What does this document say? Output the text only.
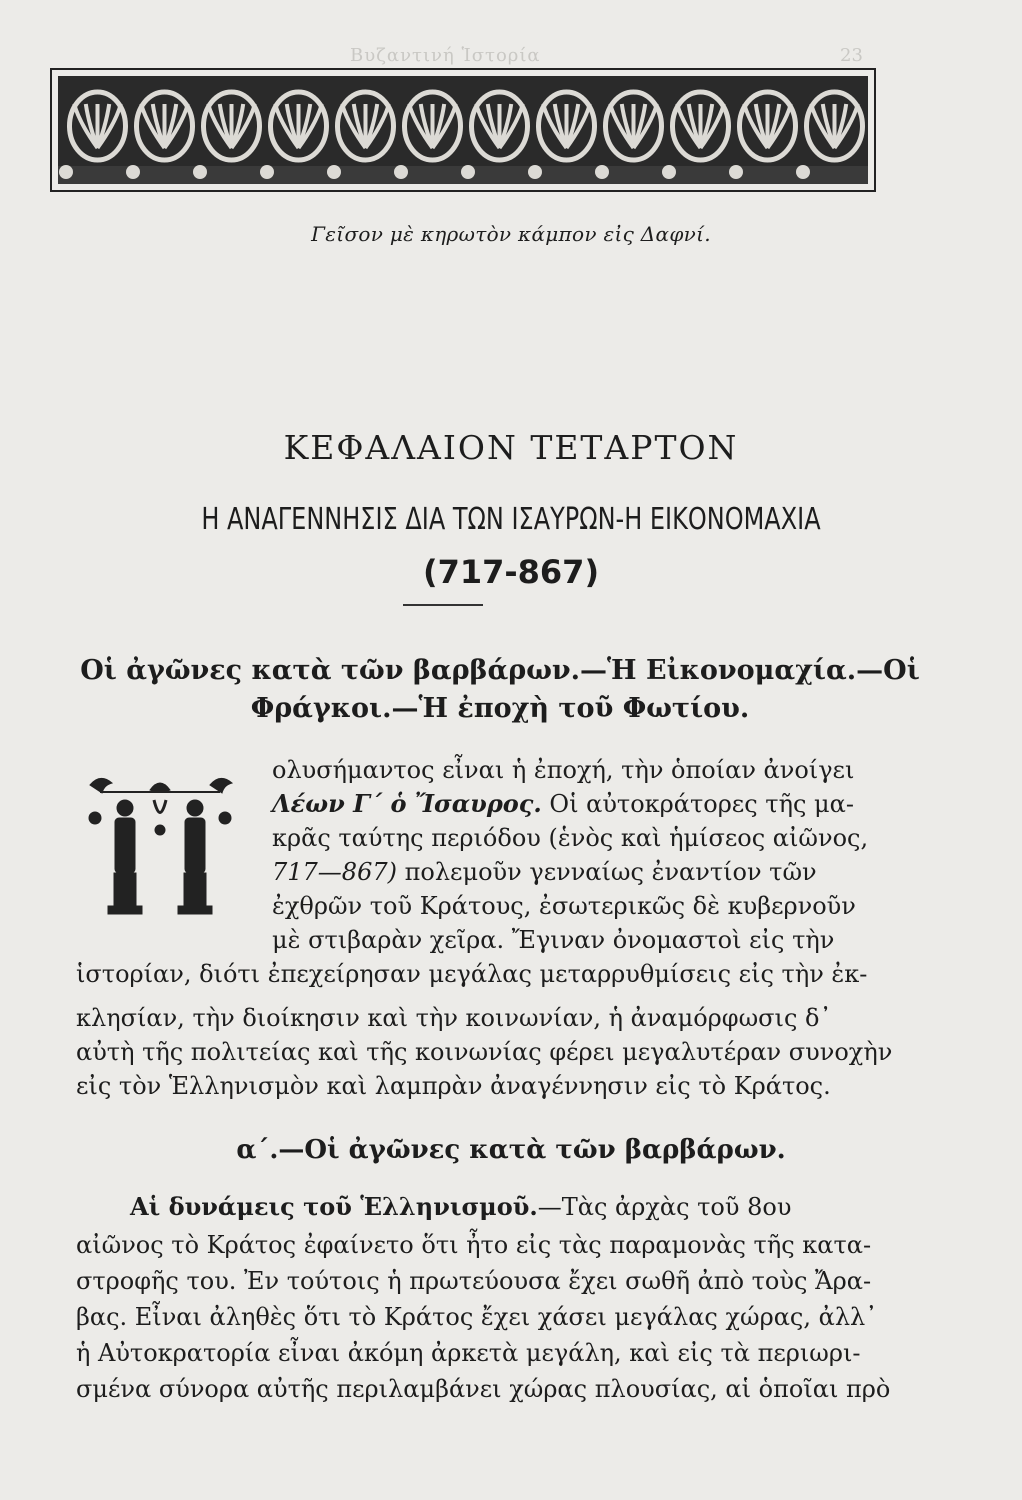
Βυζαντινή Ἱστορία	23
Γεῖσον μὲ κηρωτὸν κάμπον εἰς Δαφνί.
ΚΕΦΑΛΑΙΟΝ ΤΕΤΑΡΤΟΝ
Η ΑΝΑΓΕΝΝΗΣΙΣ ΔΙΑ ΤΩΝ ΙΣΑΥΡΩΝ-Η ΕΙΚΟΝΟΜΑΧΙΑ
(717-867)
Οἱ ἀγῶνες κατὰ τῶν βαρβάρων.—Ἡ Εἰκονομαχία.—Οἱ
Φράγκοι.—Ἡ ἐποχὴ τοῦ Φωτίου.
ολυσήμαντος εἶναι ἡ ἐποχή, τὴν ὁποίαν ἀνοίγει
Λέων Γ΄ ὁ Ἴσαυρος. Οἱ αὐτοκράτορες τῆς μα-
κρᾶς ταύτης περιόδου (ἑνὸς καὶ ἡμίσεος αἰῶνος,
717—867) πολεμοῦν γενναίως ἐναντίον τῶν
ἐχθρῶν τοῦ Κράτους, ἐσωτερικῶς δὲ κυβερνοῦν
μὲ στιβαρὰν χεῖρα. Ἔγιναν ὀνομαστοὶ εἰς τὴν
ἱστορίαν, διότι ἐπεχείρησαν μεγάλας μεταρρυθμίσεις εἰς τὴν ἐκ-
κλησίαν, τὴν διοίκησιν καὶ τὴν κοινωνίαν, ἡ ἀναμόρφωσις δ᾽
αὐτὴ τῆς πολιτείας καὶ τῆς κοινωνίας φέρει μεγαλυτέραν συνοχὴν
εἰς τὸν Ἑλληνισμὸν καὶ λαμπρὰν ἀναγέννησιν εἰς τὸ Κράτος.
α΄.—Οἱ ἀγῶνες κατὰ τῶν βαρβάρων.
Αἱ δυνάμεις τοῦ Ἑλληνισμοῦ.—Τὰς ἀρχὰς τοῦ 8ου
αἰῶνος τὸ Κράτος ἐφαίνετο ὅτι ἦτο εἰς τὰς παραμονὰς τῆς κατα-
στροφῆς του. Ἐν τούτοις ἡ πρωτεύουσα ἔχει σωθῆ ἀπὸ τοὺς Ἄρα-
βας. Εἶναι ἀληθὲς ὅτι τὸ Κράτος ἔχει χάσει μεγάλας χώρας, ἀλλ᾽
ἡ Αὐτοκρατορία εἶναι ἀκόμη ἀρκετὰ μεγάλη, καὶ εἰς τὰ περιωρι-
σμένα σύνορα αὐτῆς περιλαμβάνει χώρας πλουσίας, αἱ ὁποῖαι πρὸ
